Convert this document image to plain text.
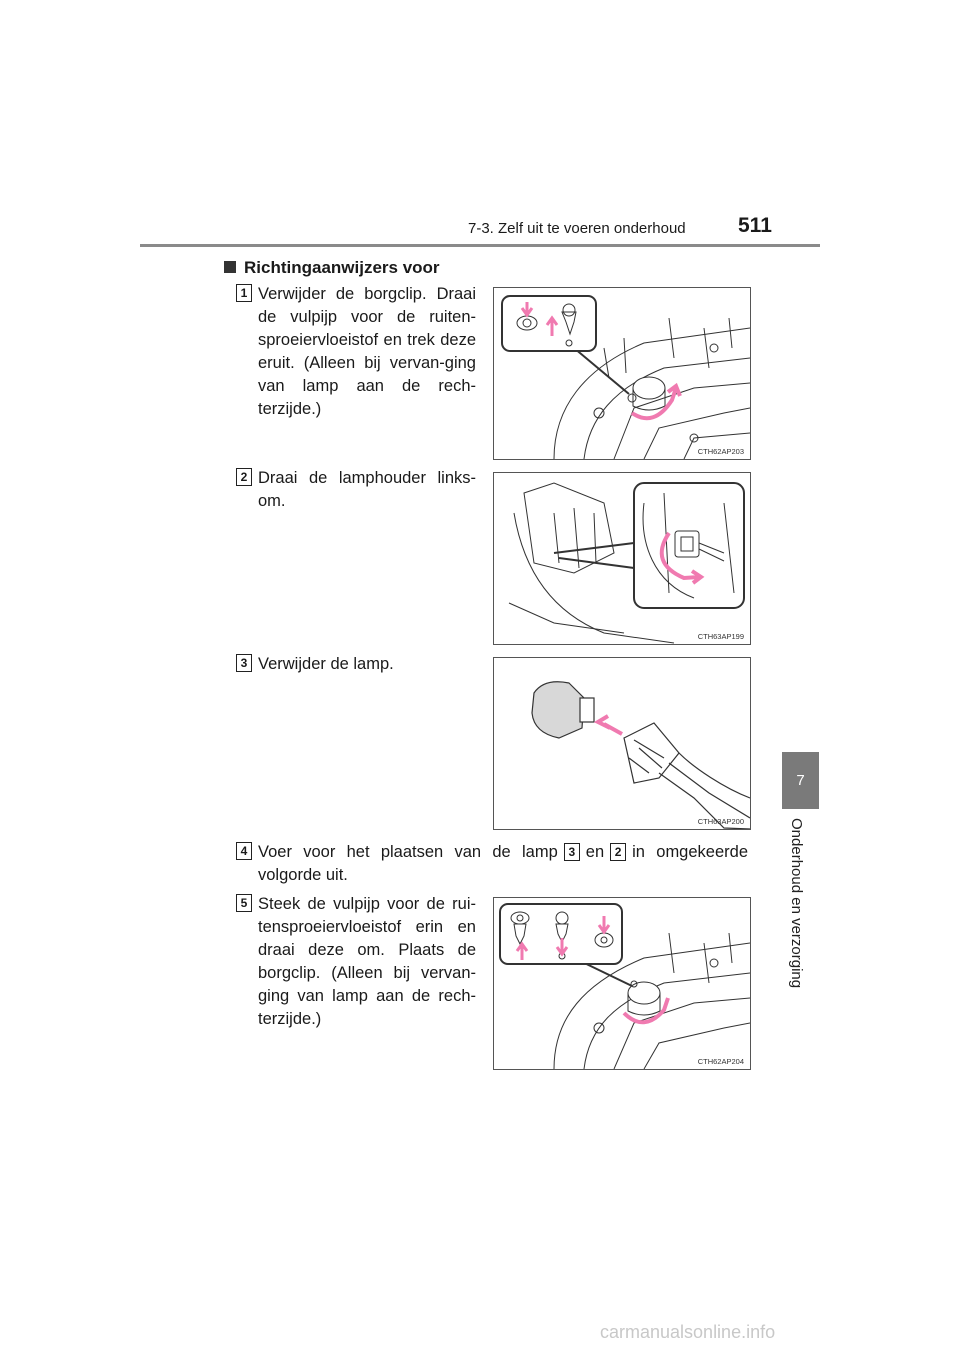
7-3. Zelf uit te voeren onderhoud 511
7
Onderhoud en verzorging
Richtingaanwijzers voor
1 Verwijder de borgclip. Draai de vulpijp voor de ruiten-sproeiervloeistof en trek deze eruit. (Alleen bij vervan-ging van lamp aan de rech-terzijde.)
CTH62AP203
2 Draai de lamphouder links-om.
CTH63AP199
3 Verwijder de lamp.
CTH63AP200
4 Voer voor het plaatsen van de lamp 3 en 2 in omgekeerde volgorde uit.
5 Steek de vulpijp voor de rui-tensproeiervloeistof erin en draai deze om. Plaats de borgclip. (Alleen bij vervan-ging van lamp aan de rech-terzijde.)
CTH62AP204
carmanualsonline.info
